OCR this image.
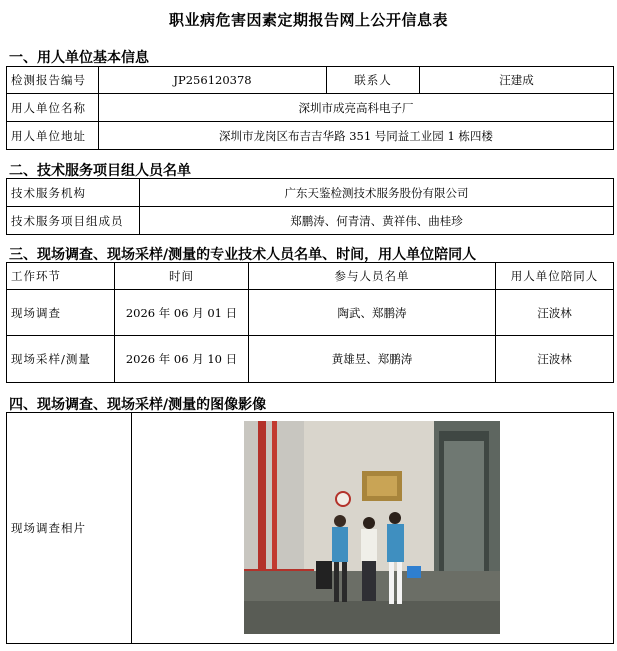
职业病危害因素定期报告网上公开信息表
一、用人单位基本信息
检测报告编号	JP256120378	联系人	汪建成
用人单位名称	深圳市成亮高科电子厂		
用人单位地址	深圳市龙岗区布吉吉华路 351 号同益工业园 1 栋四楼		
二、技术服务项目组人员名单
技术服务机构	广东天鉴检测技术服务股份有限公司
技术服务项目组成员	郑鹏涛、何青清、黄祥伟、曲桂珍
三、现场调查、现场采样/测量的专业技术人员名单、时间，用人单位陪同人
工作环节	时间	参与人员名单	用人单位陪同人
现场调查	2026 年 06 月 01 日	陶武、郑鹏涛	汪波林
现场采样/测量	2026 年 06 月 10 日	黄雄昱、郑鹏涛	汪波林
四、现场调查、现场采样/测量的图像影像
现场调查相片	
